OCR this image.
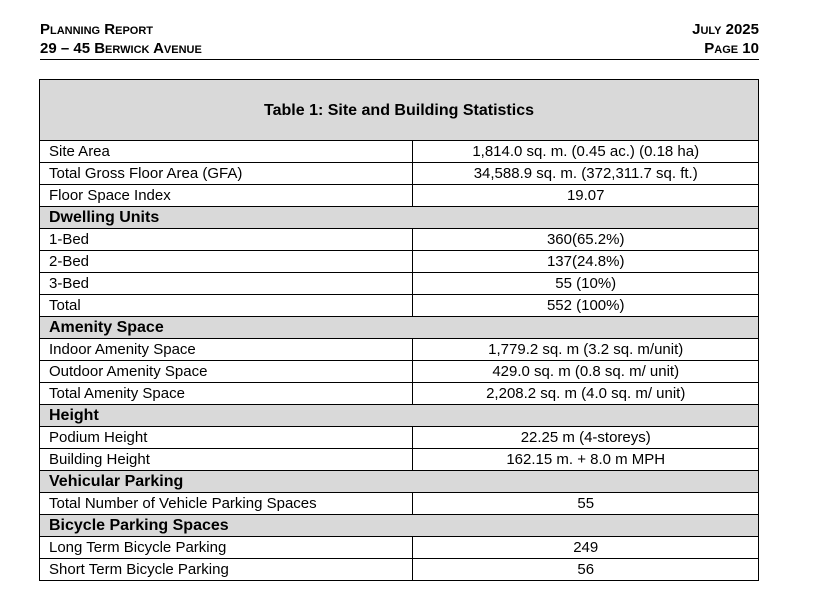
Planning Report
29 – 45 Berwick Avenue
July 2025
Page 10
Table 1: Site and Building Statistics	
Site Area	1,814.0 sq. m. (0.45 ac.) (0.18 ha)
Total Gross Floor Area (GFA)	34,588.9 sq. m. (372,311.7 sq. ft.)
Floor Space Index	19.07
Dwelling Units	
1-Bed	360(65.2%)
2-Bed	137(24.8%)
3-Bed	55 (10%)
Total	552 (100%)
Amenity Space	
Indoor Amenity Space	1,779.2 sq. m (3.2 sq. m/unit)
Outdoor Amenity Space	429.0 sq. m (0.8 sq. m/ unit)
Total Amenity Space	2,208.2 sq. m (4.0 sq. m/ unit)
Height	
Podium Height	22.25 m (4-storeys)
Building Height	162.15 m. + 8.0 m MPH
Vehicular Parking	
Total Number of Vehicle Parking Spaces	55
Bicycle Parking Spaces	
Long Term Bicycle Parking	249
Short Term Bicycle Parking	56
